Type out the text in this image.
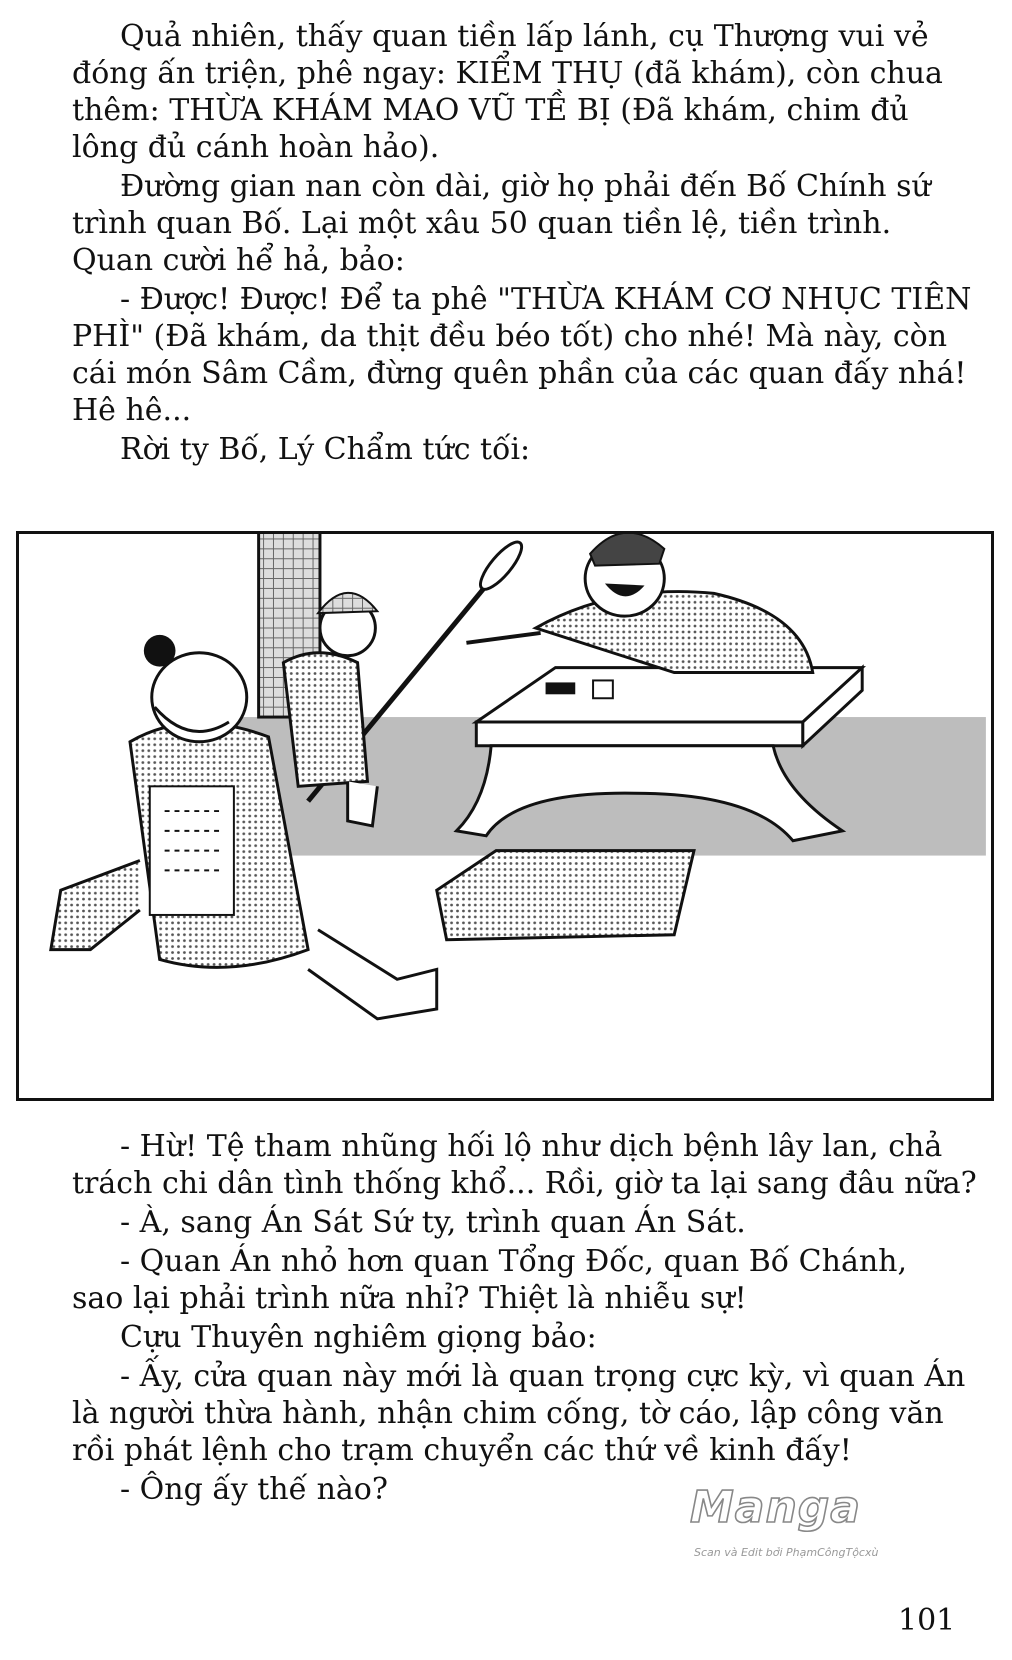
Manga
Scan và Edit bởi PhạmCôngTộcxù
101

Quả nhiên, thấy quan tiền lấp lánh, cụ Thượng vui vẻ
đóng ấn triện, phê ngay: KIỂM THỤ (đã khám), còn chua
thêm: THỪA KHÁM MAO VŨ TỀ BỊ (Đã khám, chim đủ
lông đủ cánh hoàn hảo).

Đường gian nan còn dài, giờ họ phải đến Bố Chính sứ
trình quan Bố. Lại một xâu 50 quan tiền lệ, tiền trình.
Quan cười hể hả, bảo:

- Được! Được! Để ta phê "THỪA KHÁM CƠ NHỤC TIÊN
PHÌ" (Đã khám, da thịt đều béo tốt) cho nhé! Mà này, còn
cái món Sâm Cầm, đừng quên phần của các quan đấy nhá!
Hê hê...

Rời ty Bố, Lý Chẩm tức tối:

- Hừ! Tệ tham nhũng hối lộ như dịch bệnh lây lan, chả
trách chi dân tình thống khổ... Rồi, giờ ta lại sang đâu nữa?

- À, sang Án Sát Sứ ty, trình quan Án Sát.

- Quan Án nhỏ hơn quan Tổng Đốc, quan Bố Chánh,
sao lại phải trình nữa nhỉ? Thiệt là nhiễu sự!

Cựu Thuyên nghiêm giọng bảo:

- Ấy, cửa quan này mới là quan trọng cực kỳ, vì quan Án
là người thừa hành, nhận chim cống, tờ cáo, lập công văn
rồi phát lệnh cho trạm chuyển các thứ về kinh đấy!

- Ông ấy thế nào?
